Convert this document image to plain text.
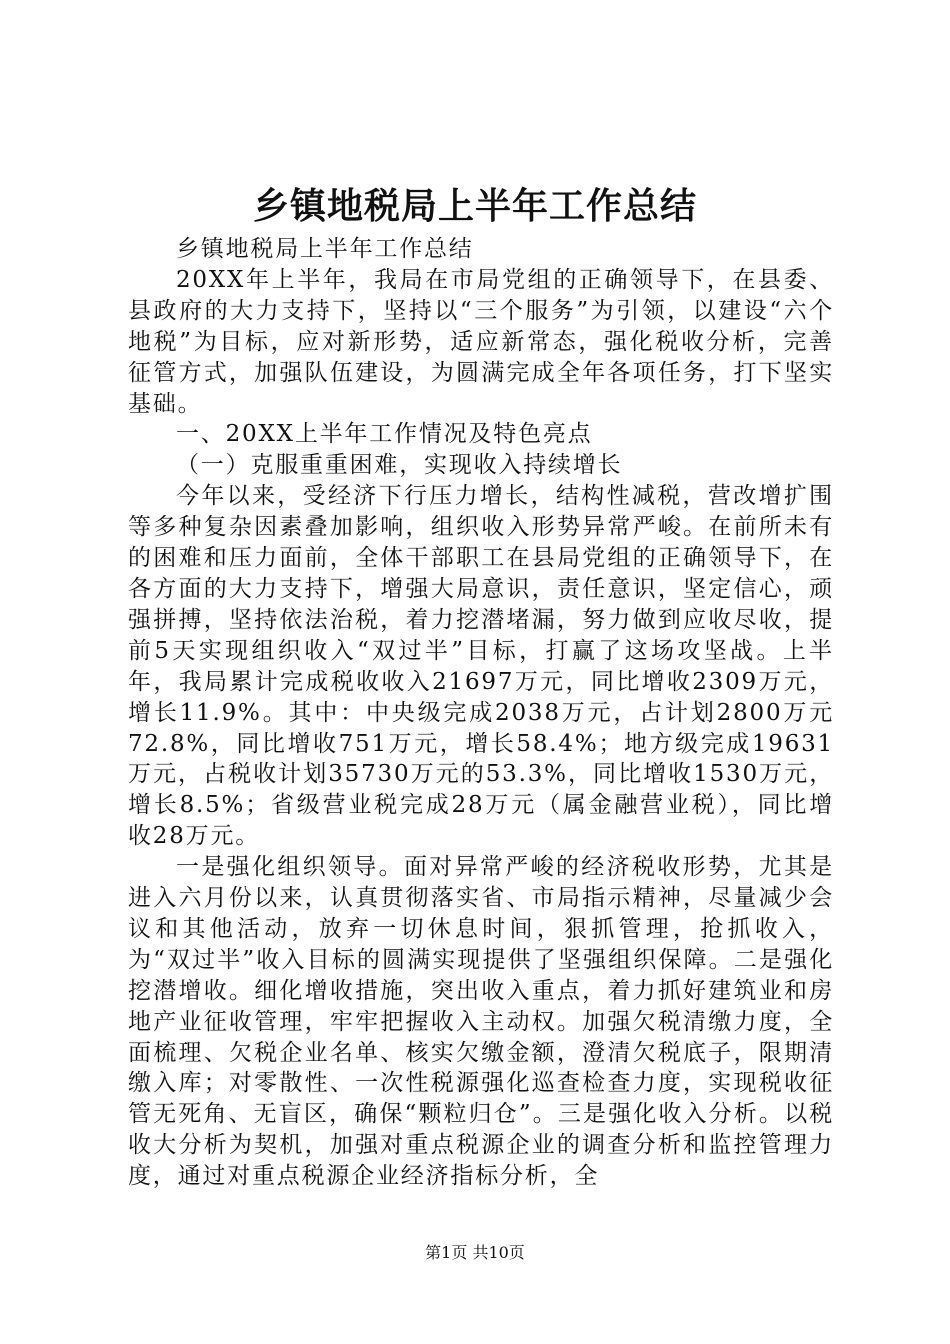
乡镇地税局上半年工作总结

乡镇地税局上半年工作总结

20XX年上半年，我局在市局党组的正确领导下，在县委、县政府的大力支持下，坚持以“三个服务”为引领，以建设“六个地税”为目标，应对新形势，适应新常态，强化税收分析，完善征管方式，加强队伍建设，为圆满完成全年各项任务，打下坚实基础。

一、20XX上半年工作情况及特色亮点

（一）克服重重困难，实现收入持续增长

今年以来，受经济下行压力增长，结构性减税，营改增扩围等多种复杂因素叠加影响，组织收入形势异常严峻。在前所未有的困难和压力面前，全体干部职工在县局党组的正确领导下，在各方面的大力支持下，增强大局意识，责任意识，坚定信心，顽强拼搏，坚持依法治税，着力挖潜堵漏，努力做到应收尽收，提前5天实现组织收入“双过半”目标，打赢了这场攻坚战。上半年，我局累计完成税收收入21697万元，同比增收2309万元，增长11.9%。其中：中央级完成2038万元，占计划2800万元72.8%，同比增收751万元，增长58.4%；地方级完成19631万元，占税收计划35730万元的53.3%，同比增收1530万元，增长8.5%；省级营业税完成28万元（属金融营业税），同比增收28万元。

一是强化组织领导。面对异常严峻的经济税收形势，尤其是进入六月份以来，认真贯彻落实省、市局指示精神，尽量减少会议和其他活动，放弃一切休息时间，狠抓管理，抢抓收入，为“双过半”收入目标的圆满实现提供了坚强组织保障。二是强化挖潜增收。细化增收措施，突出收入重点，着力抓好建筑业和房地产业征收管理，牢牢把握收入主动权。加强欠税清缴力度，全面梳理、欠税企业名单、核实欠缴金额，澄清欠税底子，限期清缴入库；对零散性、一次性税源强化巡查检查力度，实现税收征管无死角、无盲区，确保“颗粒归仓”。三是强化收入分析。以税收大分析为契机，加强对重点税源企业的调查分析和监控管理力度，通过对重点税源企业经济指标分析，全

第1页 共10页
